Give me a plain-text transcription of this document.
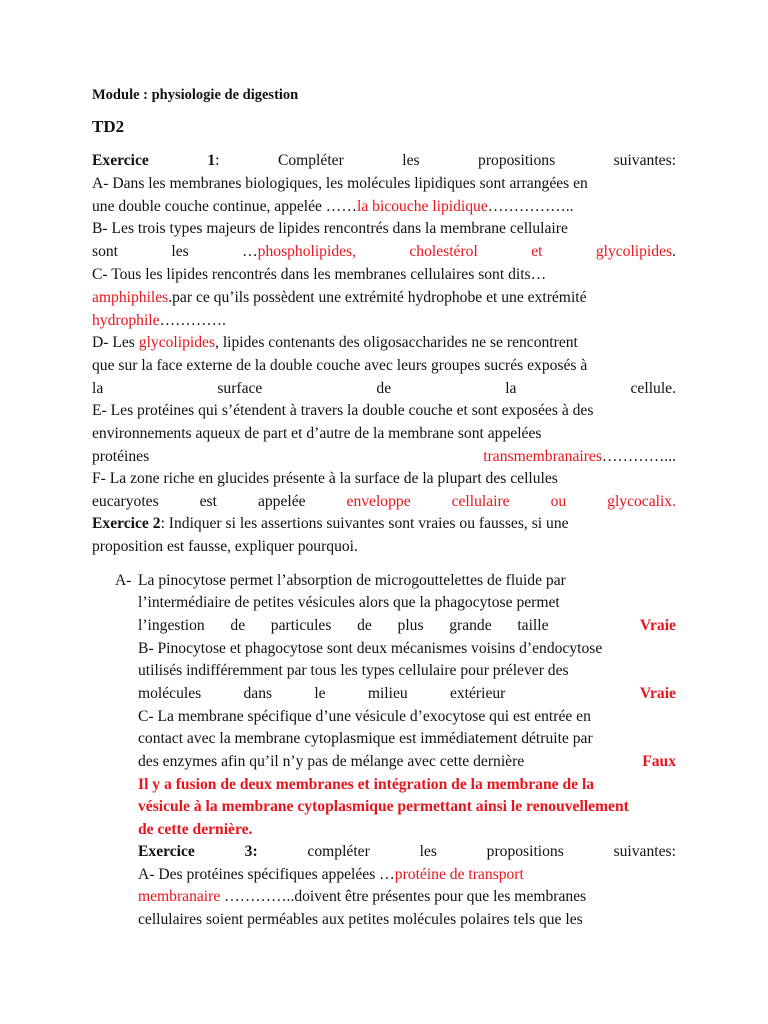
Module : physiologie de digestion
TD2
Exercice	1:	Compléter	les	propositions	suivantes:
A- Dans les membranes biologiques, les molécules lipidiques sont arrangées en
une double couche continue, appelée ……la bicouche lipidique……………..
B- Les trois types majeurs de lipides rencontrés dans la membrane cellulaire
sont	les	…phospholipides,	cholestérol	et	glycolipides.
C- Tous les lipides rencontrés dans les membranes cellulaires sont dits…
amphiphiles.par ce qu’ils possèdent une extrémité hydrophobe et une extrémité
hydrophile………….
D- Les glycolipides, lipides contenants des oligosaccharides ne se rencontrent
que sur la face externe de la double couche avec leurs groupes sucrés exposés à
la	surface	de	la	cellule.
E- Les protéines qui s’étendent à travers la double couche et sont exposées à des
environnements aqueux de part et d’autre de la membrane sont appelées
protéines	transmembranaires…………...
F- La zone riche en glucides présente à la surface de la plupart des cellules
eucaryotes	est	appelée	enveloppe	cellulaire	ou	glycocalix.
Exercice 2: Indiquer si les assertions suivantes sont vraies ou fausses, si une
proposition est fausse, expliquer pourquoi.
A- La pinocytose permet l’absorption de microgouttelettes de fluide par
l’intermédiaire de petites vésicules alors que la phagocytose permet
l’ingestion de particules de plus grande taille	Vraie
B- Pinocytose et phagocytose sont deux mécanismes voisins d’endocytose
utilisés indifféremment par tous les types cellulaire pour prélever des
molécules	dans	le	milieu	extérieur	Vraie
C- La membrane spécifique d’une vésicule d’exocytose qui est entrée en
contact avec la membrane cytoplasmique est immédiatement détruite par
des enzymes afin qu’il n’y pas de mélange avec cette dernière	Faux
Il y a fusion de deux membranes et intégration de la membrane de la
vésicule à la membrane cytoplasmique permettant ainsi le renouvellement
de cette dernière.
Exercice	3:	compléter	les	propositions	suivantes:
A- Des protéines spécifiques appelées …protéine de transport
membranaire …………..doivent être présentes pour que les membranes
cellulaires soient perméables aux petites molécules polaires tels que les
